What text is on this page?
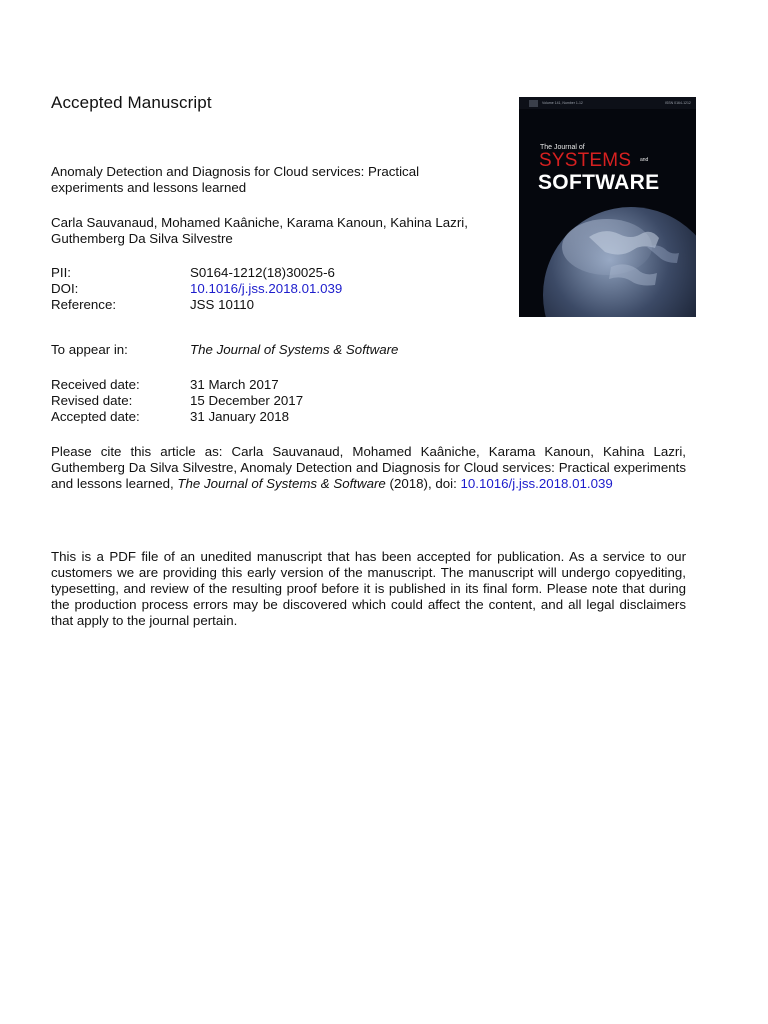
Accepted Manuscript
Anomaly Detection and Diagnosis for Cloud services: Practical experiments and lessons learned
Carla Sauvanaud, Mohamed Kaâniche, Karama Kanoun, Kahina Lazri, Guthemberg Da Silva Silvestre
PII:	S0164-1212(18)30025-6
DOI:	10.1016/j.jss.2018.01.039
Reference:	JSS 10110
To appear in:	The Journal of Systems & Software
Received date:	31 March 2017
Revised date:	15 December 2017
Accepted date:	31 January 2018
Please cite this article as: Carla Sauvanaud, Mohamed Kaâniche, Karama Kanoun, Kahina Lazri, Guthemberg Da Silva Silvestre, Anomaly Detection and Diagnosis for Cloud services: Practical experiments and lessons learned, The Journal of Systems & Software (2018), doi: 10.1016/j.jss.2018.01.039
This is a PDF file of an unedited manuscript that has been accepted for publication. As a service to our customers we are providing this early version of the manuscript. The manuscript will undergo copyediting, typesetting, and review of the resulting proof before it is published in its final form. Please note that during the production process errors may be discovered which could affect the content, and all legal disclaimers that apply to the journal pertain.
Volume 141, Number 1-12	ISSN 0164-1212
The Journal of
SYSTEMS and
SOFTWARE
